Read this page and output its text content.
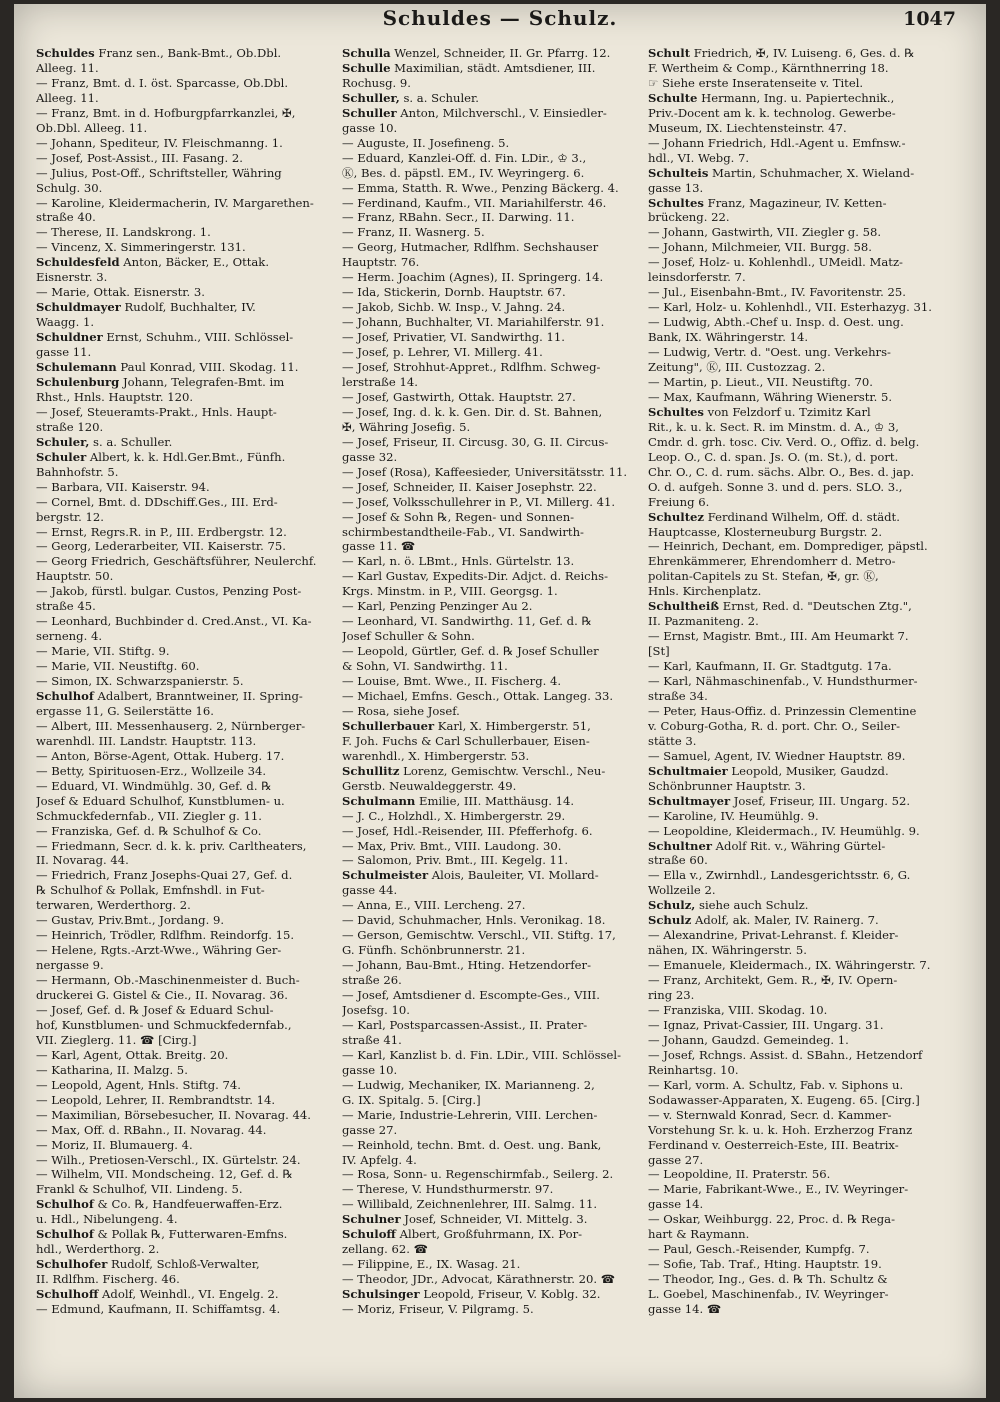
Schuldes — Schulz.	1047
Schuldes Franz sen., Bank-Bmt., Ob.Dbl.
Alleeg. 11.
— Franz, Bmt. d. I. öst. Sparcasse, Ob.Dbl.
Alleeg. 11.
— Franz, Bmt. in d. Hofburgpfarrkanzlei, ✠,
Ob.Dbl. Alleeg. 11.
— Johann, Spediteur, IV. Fleischmanng. 1.
— Josef, Post-Assist., III. Fasang. 2.
— Julius, Post-Off., Schriftsteller, Währing
Schulg. 30.
— Karoline, Kleidermacherin, IV. Margarethen-
straße 40.
— Therese, II. Landskrong. 1.
— Vincenz, X. Simmeringerstr. 131.
Schuldesfeld Anton, Bäcker, E., Ottak.
Eisnerstr. 3.
— Marie, Ottak. Eisnerstr. 3.
Schuldmayer Rudolf, Buchhalter, IV.
Waagg. 1.
Schuldner Ernst, Schuhm., VIII. Schlössel-
gasse 11.
Schulemann Paul Konrad, VIII. Skodag. 11.
Schulenburg Johann, Telegrafen-Bmt. im
Rhst., Hnls. Hauptstr. 120.
— Josef, Steueramts-Prakt., Hnls. Haupt-
straße 120.
Schuler, s. a. Schuller.
Schuler Albert, k. k. Hdl.Ger.Bmt., Fünfh.
Bahnhofstr. 5.
— Barbara, VII. Kaiserstr. 94.
— Cornel, Bmt. d. DDschiff.Ges., III. Erd-
bergstr. 12.
— Ernst, Regrs.R. in P., III. Erdbergstr. 12.
— Georg, Lederarbeiter, VII. Kaiserstr. 75.
— Georg Friedrich, Geschäftsführer, Neulerchf.
Hauptstr. 50.
— Jakob, fürstl. bulgar. Custos, Penzing Post-
straße 45.
— Leonhard, Buchbinder d. Cred.Anst., VI. Ka-
serneng. 4.
— Marie, VII. Stiftg. 9.
— Marie, VII. Neustiftg. 60.
— Simon, IX. Schwarzspanierstr. 5.
Schulhof Adalbert, Branntweiner, II. Spring-
ergasse 11, G. Seilerstätte 16.
— Albert, III. Messenhauserg. 2, Nürnberger-
warenhdl. III. Landstr. Hauptstr. 113.
— Anton, Börse-Agent, Ottak. Huberg. 17.
— Betty, Spirituosen-Erz., Wollzeile 34.
— Eduard, VI. Windmühlg. 30, Gef. d. ℞
Josef & Eduard Schulhof, Kunstblumen- u.
Schmuckfedernfab., VII. Ziegler g. 11.
— Franziska, Gef. d. ℞ Schulhof & Co.
— Friedmann, Secr. d. k. k. priv. Carltheaters,
II. Novarag. 44.
— Friedrich, Franz Josephs-Quai 27, Gef. d.
℞ Schulhof & Pollak, Emfnshdl. in Fut-
terwaren, Werderthorg. 2.
— Gustav, Priv.Bmt., Jordang. 9.
— Heinrich, Trödler, Rdlfhm. Reindorfg. 15.
— Helene, Rgts.-Arzt-Wwe., Währing Ger-
nergasse 9.
— Hermann, Ob.-Maschinenmeister d. Buch-
druckerei G. Gistel & Cie., II. Novarag. 36.
— Josef, Gef. d. ℞ Josef & Eduard Schul-
hof, Kunstblumen- und Schmuckfedernfab.,
VII. Zieglerg. 11. ☎ [Cirg.]
— Karl, Agent, Ottak. Breitg. 20.
— Katharina, II. Malzg. 5.
— Leopold, Agent, Hnls. Stiftg. 74.
— Leopold, Lehrer, II. Rembrandtstr. 14.
— Maximilian, Börsebesucher, II. Novarag. 44.
— Max, Off. d. RBahn., II. Novarag. 44.
— Moriz, II. Blumauerg. 4.
— Wilh., Pretiosen-Verschl., IX. Gürtelstr. 24.
— Wilhelm, VII. Mondscheing. 12, Gef. d. ℞
Frankl & Schulhof, VII. Lindeng. 5.
Schulhof & Co. ℞, Handfeuerwaffen-Erz.
u. Hdl., Nibelungeng. 4.
Schulhof & Pollak ℞, Futterwaren-Emfns.
hdl., Werderthorg. 2.
Schulhofer Rudolf, Schloß-Verwalter,
II. Rdlfhm. Fischerg. 46.
Schulhoff Adolf, Weinhdl., VI. Engelg. 2.
— Edmund, Kaufmann, II. Schiffamtsg. 4.
Schulla Wenzel, Schneider, II. Gr. Pfarrg. 12.
Schulle Maximilian, städt. Amtsdiener, III.
Rochusg. 9.
Schuller, s. a. Schuler.
Schuller Anton, Milchverschl., V. Einsiedler-
gasse 10.
— Auguste, II. Josefineng. 5.
— Eduard, Kanzlei-Off. d. Fin. LDir., ♔ 3.,
Ⓚ, Bes. d. päpstl. EM., IV. Weyringerg. 6.
— Emma, Statth. R. Wwe., Penzing Bäckerg. 4.
— Ferdinand, Kaufm., VII. Mariahilferstr. 46.
— Franz, RBahn. Secr., II. Darwing. 11.
— Franz, II. Wasnerg. 5.
— Georg, Hutmacher, Rdlfhm. Sechshauser
Hauptstr. 76.
— Herm. Joachim (Agnes), II. Springerg. 14.
— Ida, Stickerin, Dornb. Hauptstr. 67.
— Jakob, Sichb. W. Insp., V. Jahng. 24.
— Johann, Buchhalter, VI. Mariahilferstr. 91.
— Josef, Privatier, VI. Sandwirthg. 11.
— Josef, p. Lehrer, VI. Millerg. 41.
— Josef, Strohhut-Appret., Rdlfhm. Schweg-
lerstraße 14.
— Josef, Gastwirth, Ottak. Hauptstr. 27.
— Josef, Ing. d. k. k. Gen. Dir. d. St. Bahnen,
✠, Währing Josefig. 5.
— Josef, Friseur, II. Circusg. 30, G. II. Circus-
gasse 32.
— Josef (Rosa), Kaffeesieder, Universitätsstr. 11.
— Josef, Schneider, II. Kaiser Josephstr. 22.
— Josef, Volksschullehrer in P., VI. Millerg. 41.
— Josef & Sohn ℞, Regen- und Sonnen-
schirmbestandtheile-Fab., VI. Sandwirth-
gasse 11. ☎
— Karl, n. ö. LBmt., Hnls. Gürtelstr. 13.
— Karl Gustav, Expedits-Dir. Adjct. d. Reichs-
Krgs. Minstm. in P., VIII. Georgsg. 1.
— Karl, Penzing Penzinger Au 2.
— Leonhard, VI. Sandwirthg. 11, Gef. d. ℞
Josef Schuller & Sohn.
— Leopold, Gürtler, Gef. d. ℞ Josef Schuller
& Sohn, VI. Sandwirthg. 11.
— Louise, Bmt. Wwe., II. Fischerg. 4.
— Michael, Emfns. Gesch., Ottak. Langeg. 33.
— Rosa, siehe Josef.
Schullerbauer Karl, X. Himbergerstr. 51,
F. Joh. Fuchs & Carl Schullerbauer, Eisen-
warenhdl., X. Himbergerstr. 53.
Schullitz Lorenz, Gemischtw. Verschl., Neu-
Gerstb. Neuwaldeggerstr. 49.
Schulmann Emilie, III. Matthäusg. 14.
— J. C., Holzhdl., X. Himbergerstr. 29.
— Josef, Hdl.-Reisender, III. Pfefferhofg. 6.
— Max, Priv. Bmt., VIII. Laudong. 30.
— Salomon, Priv. Bmt., III. Kegelg. 11.
Schulmeister Alois, Bauleiter, VI. Mollard-
gasse 44.
— Anna, E., VIII. Lercheng. 27.
— David, Schuhmacher, Hnls. Veronikag. 18.
— Gerson, Gemischtw. Verschl., VII. Stiftg. 17,
G. Fünfh. Schönbrunnerstr. 21.
— Johann, Bau-Bmt., Hting. Hetzendorfer-
straße 26.
— Josef, Amtsdiener d. Escompte-Ges., VIII.
Josefsg. 10.
— Karl, Postsparcassen-Assist., II. Prater-
straße 41.
— Karl, Kanzlist b. d. Fin. LDir., VIII. Schlössel-
gasse 10.
— Ludwig, Mechaniker, IX. Marianneng. 2,
G. IX. Spitalg. 5. [Cirg.]
— Marie, Industrie-Lehrerin, VIII. Lerchen-
gasse 27.
— Reinhold, techn. Bmt. d. Oest. ung. Bank,
IV. Apfelg. 4.
— Rosa, Sonn- u. Regenschirmfab., Seilerg. 2.
— Therese, V. Hundsthurmerstr. 97.
— Willibald, Zeichnenlehrer, III. Salmg. 11.
Schulner Josef, Schneider, VI. Mittelg. 3.
Schuloff Albert, Großfuhrmann, IX. Por-
zellang. 62. ☎
— Filippine, E., IX. Wasag. 21.
— Theodor, JDr., Advocat, Kärathnerstr. 20. ☎
Schulsinger Leopold, Friseur, V. Koblg. 32.
— Moriz, Friseur, V. Pilgramg. 5.
Schult Friedrich, ✠, IV. Luiseng. 6, Ges. d. ℞
F. Wertheim & Comp., Kärnthnerring 18.
☞ Siehe erste Inseratenseite v. Titel.
Schulte Hermann, Ing. u. Papiertechnik.,
Priv.-Docent am k. k. technolog. Gewerbe-
Museum, IX. Liechtensteinstr. 47.
— Johann Friedrich, Hdl.-Agent u. Emfnsw.-
hdl., VI. Webg. 7.
Schulteis Martin, Schuhmacher, X. Wieland-
gasse 13.
Schultes Franz, Magazineur, IV. Ketten-
brückeng. 22.
— Johann, Gastwirth, VII. Ziegler g. 58.
— Johann, Milchmeier, VII. Burgg. 58.
— Josef, Holz- u. Kohlenhdl., UMeidl. Matz-
leinsdorferstr. 7.
— Jul., Eisenbahn-Bmt., IV. Favoritenstr. 25.
— Karl, Holz- u. Kohlenhdl., VII. Esterhazyg. 31.
— Ludwig, Abth.-Chef u. Insp. d. Oest. ung.
Bank, IX. Währingerstr. 14.
— Ludwig, Vertr. d. "Oest. ung. Verkehrs-
Zeitung", Ⓚ, III. Custozzag. 2.
— Martin, p. Lieut., VII. Neustiftg. 70.
— Max, Kaufmann, Währing Wienerstr. 5.
Schultes von Felzdorf u. Tzimitz Karl
Rit., k. u. k. Sect. R. im Minstm. d. A., ♔ 3,
Cmdr. d. grh. tosc. Civ. Verd. O., Offiz. d. belg.
Leop. O., C. d. span. Js. O. (m. St.), d. port.
Chr. O., C. d. rum. sächs. Albr. O., Bes. d. jap.
O. d. aufgeh. Sonne 3. und d. pers. SLO. 3.,
Freiung 6.
Schultez Ferdinand Wilhelm, Off. d. städt.
Hauptcasse, Klosterneuburg Burgstr. 2.
— Heinrich, Dechant, em. Domprediger, päpstl.
Ehrenkämmerer, Ehrendomherr d. Metro-
politan-Capitels zu St. Stefan, ✠, gr. Ⓚ,
Hnls. Kirchenplatz.
Schultheiß Ernst, Red. d. "Deutschen Ztg.",
II. Pazmaniteng. 2.
— Ernst, Magistr. Bmt., III. Am Heumarkt 7.
[St]
— Karl, Kaufmann, II. Gr. Stadtgutg. 17a.
— Karl, Nähmaschinenfab., V. Hundsthurmer-
straße 34.
— Peter, Haus-Offiz. d. Prinzessin Clementine
v. Coburg-Gotha, R. d. port. Chr. O., Seiler-
stätte 3.
— Samuel, Agent, IV. Wiedner Hauptstr. 89.
Schultmaier Leopold, Musiker, Gaudzd.
Schönbrunner Hauptstr. 3.
Schultmayer Josef, Friseur, III. Ungarg. 52.
— Karoline, IV. Heumühlg. 9.
— Leopoldine, Kleidermach., IV. Heumühlg. 9.
Schultner Adolf Rit. v., Währing Gürtel-
straße 60.
— Ella v., Zwirnhdl., Landesgerichtsstr. 6, G.
Wollzeile 2.
Schulz, siehe auch Schulz.
Schulz Adolf, ak. Maler, IV. Rainerg. 7.
— Alexandrine, Privat-Lehranst. f. Kleider-
nähen, IX. Währingerstr. 5.
— Emanuele, Kleidermach., IX. Währingerstr. 7.
— Franz, Architekt, Gem. R., ✠, IV. Opern-
ring 23.
— Franziska, VIII. Skodag. 10.
— Ignaz, Privat-Cassier, III. Ungarg. 31.
— Johann, Gaudzd. Gemeindeg. 1.
— Josef, Rchngs. Assist. d. SBahn., Hetzendorf
Reinhartsg. 10.
— Karl, vorm. A. Schultz, Fab. v. Siphons u.
Sodawasser-Apparaten, X. Eugeng. 65. [Cirg.]
— v. Sternwald Konrad, Secr. d. Kammer-
Vorstehung Sr. k. u. k. Hoh. Erzherzog Franz
Ferdinand v. Oesterreich-Este, III. Beatrix-
gasse 27.
— Leopoldine, II. Praterstr. 56.
— Marie, Fabrikant-Wwe., E., IV. Weyringer-
gasse 14.
— Oskar, Weihburgg. 22, Proc. d. ℞ Rega-
hart & Raymann.
— Paul, Gesch.-Reisender, Kumpfg. 7.
— Sofie, Tab. Traf., Hting. Hauptstr. 19.
— Theodor, Ing., Ges. d. ℞ Th. Schultz &
L. Goebel, Maschinenfab., IV. Weyringer-
gasse 14. ☎
